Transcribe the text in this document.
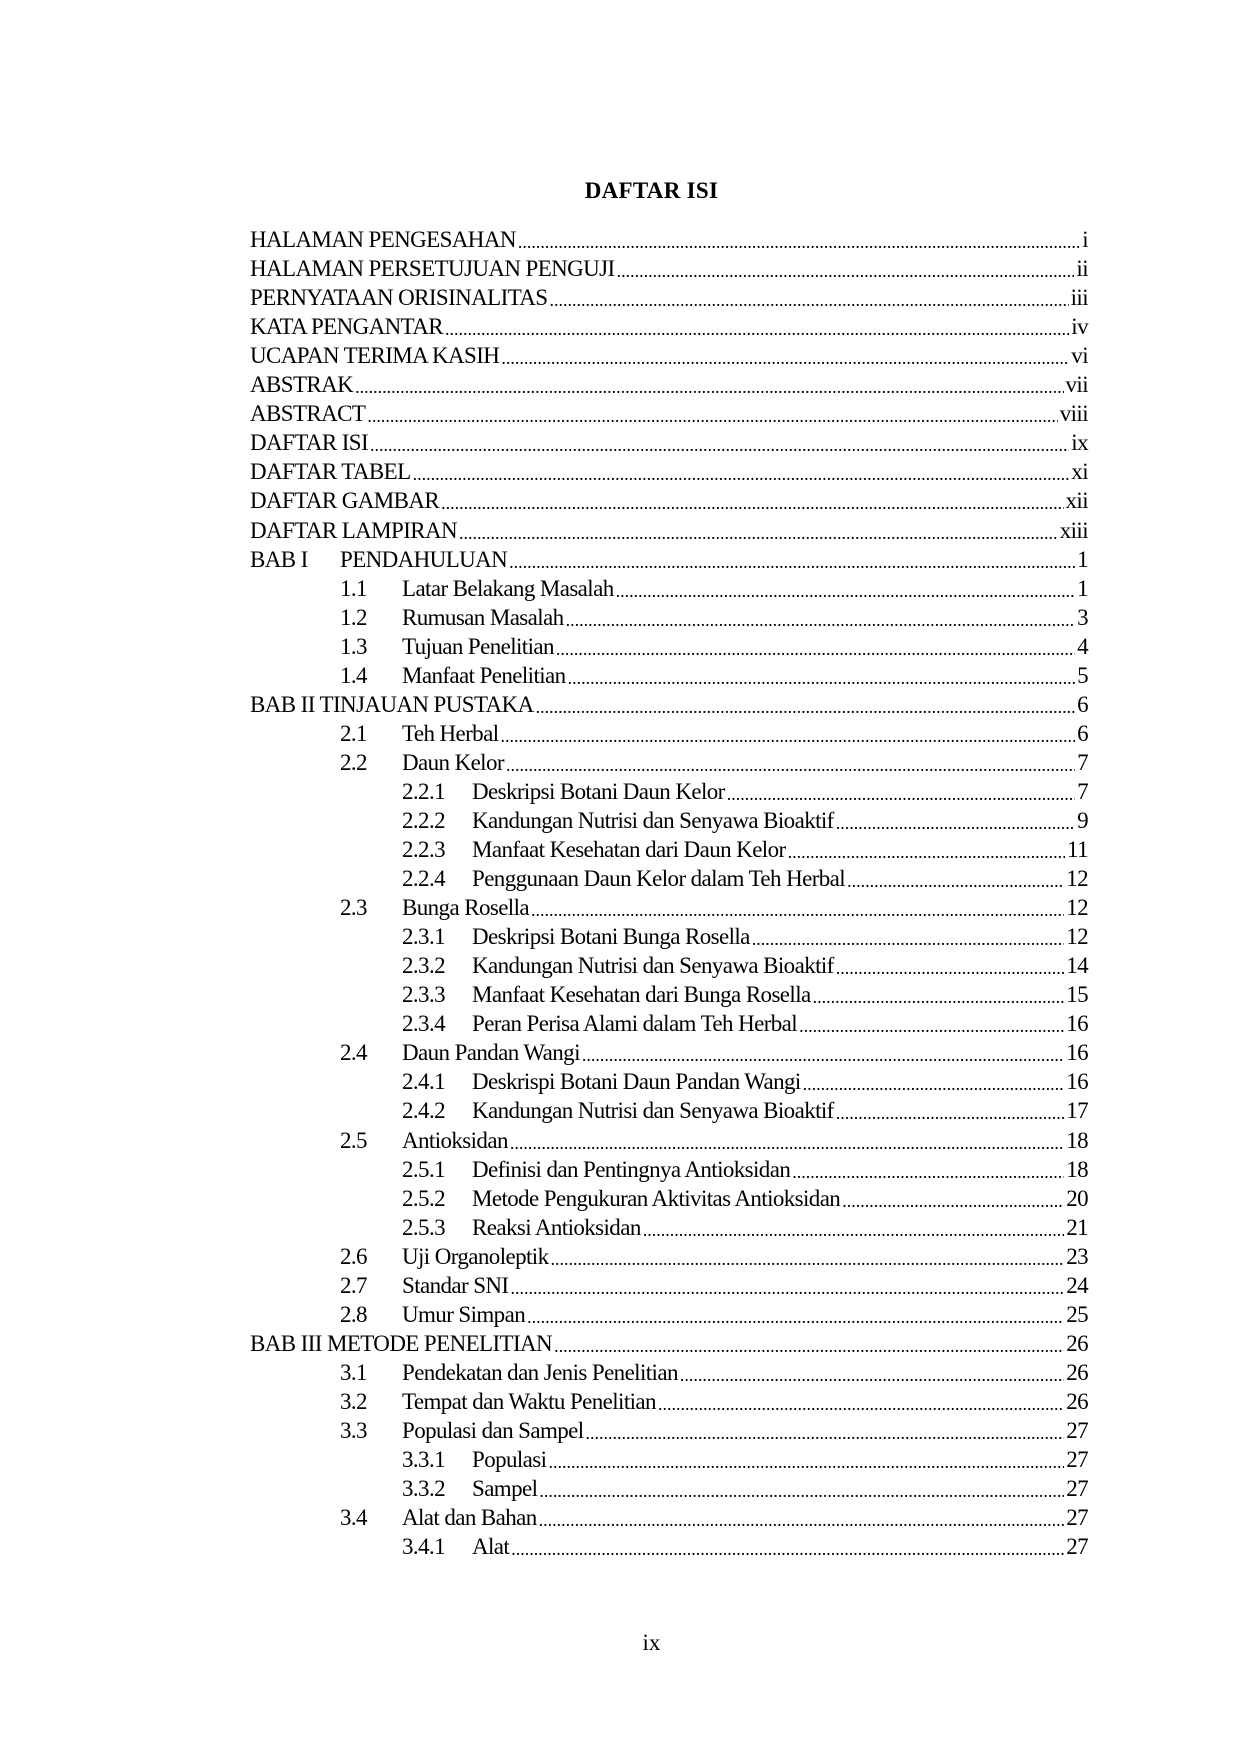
DAFTAR ISI
HALAMAN PENGESAHAN .....	i
HALAMAN PERSETUJUAN PENGUJI .....	ii
PERNYATAAN ORISINALITAS .....	iii
KATA PENGANTAR .....	iv
UCAPAN TERIMA KASIH .....	vi
ABSTRAK .....	vii
ABSTRACT .....	viii
DAFTAR ISI .....	ix
DAFTAR TABEL .....	xi
DAFTAR GAMBAR .....	xii
DAFTAR LAMPIRAN .....	xiii
BAB I	PENDAHULUAN .....	1
1.1	Latar Belakang Masalah .....	1
1.2	Rumusan Masalah .....	3
1.3	Tujuan Penelitian .....	4
1.4	Manfaat Penelitian .....	5
BAB II TINJAUAN PUSTAKA .....	6
2.1	Teh Herbal .....	6
2.2	Daun Kelor .....	7
2.2.1	Deskripsi Botani Daun Kelor .....	7
2.2.2	Kandungan Nutrisi dan Senyawa Bioaktif .....	9
2.2.3	Manfaat Kesehatan dari Daun Kelor .....	11
2.2.4	Penggunaan Daun Kelor dalam Teh Herbal .....	12
2.3	Bunga Rosella .....	12
2.3.1	Deskripsi Botani Bunga Rosella .....	12
2.3.2	Kandungan Nutrisi dan Senyawa Bioaktif .....	14
2.3.3	Manfaat Kesehatan dari Bunga Rosella .....	15
2.3.4	Peran Perisa Alami dalam Teh Herbal .....	16
2.4	Daun Pandan Wangi .....	16
2.4.1	Deskrispi Botani Daun Pandan Wangi .....	16
2.4.2	Kandungan Nutrisi dan Senyawa Bioaktif .....	17
2.5	Antioksidan .....	18
2.5.1	Definisi dan Pentingnya Antioksidan .....	18
2.5.2	Metode Pengukuran Aktivitas Antioksidan .....	20
2.5.3	Reaksi Antioksidan .....	21
2.6	Uji Organoleptik .....	23
2.7	Standar SNI .....	24
2.8	Umur Simpan .....	25
BAB III METODE PENELITIAN .....	26
3.1	Pendekatan dan Jenis Penelitian .....	26
3.2	Tempat dan Waktu Penelitian .....	26
3.3	Populasi dan Sampel .....	27
3.3.1	Populasi .....	27
3.3.2	Sampel .....	27
3.4	Alat dan Bahan .....	27
3.4.1	Alat .....	27
ix
